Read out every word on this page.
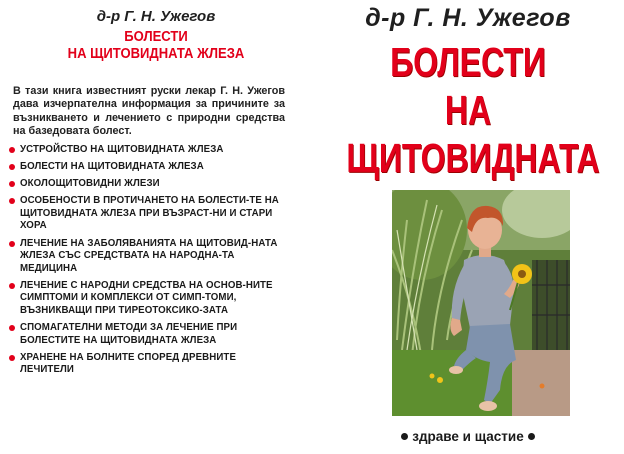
д-р Г. Н. Ужегов
БОЛЕСТИ
НА ЩИТОВИДНАТА ЖЛЕЗА

В тази книга известният руски лекар Г. Н. Ужегов дава изчерпателна информация за причините за възникването и лечението с природни средства на базедовата болест.

УСТРОЙСТВО НА ЩИТОВИДНАТА ЖЛЕЗА
БОЛЕСТИ НА ЩИТОВИДНАТА ЖЛЕЗА
ОКОЛОЩИТОВИДНИ ЖЛЕЗИ
ОСОБЕНОСТИ В ПРОТИЧАНЕТО НА БОЛЕСТИ-ТЕ НА ЩИТОВИДНАТА ЖЛЕЗА ПРИ ВЪЗРАСТ-НИ И СТАРИ ХОРА
ЛЕЧЕНИЕ НА ЗАБОЛЯВАНИЯТА НА ЩИТОВИД-НАТА ЖЛЕЗА СЪС СРЕДСТВАТА НА НАРОДНА-ТА МЕДИЦИНА
ЛЕЧЕНИЕ С НАРОДНИ СРЕДСТВА НА ОСНОВ-НИТЕ СИМПТОМИ И КОМПЛЕКСИ ОТ СИМП-ТОМИ, ВЪЗНИКВАЩИ ПРИ ТИРЕОТОКСИКО-ЗАТА
СПОМАГАТЕЛНИ МЕТОДИ ЗА ЛЕЧЕНИЕ ПРИ БОЛЕСТИТЕ НА ЩИТОВИДНАТА ЖЛЕЗА
ХРАНЕНЕ НА БОЛНИТЕ СПОРЕД ДРЕВНИТЕ ЛЕЧИТЕЛИ
д-р Г. Н. Ужегов
БОЛЕСТИ
НА ЩИТОВИДНАТА
здраве и щастие
